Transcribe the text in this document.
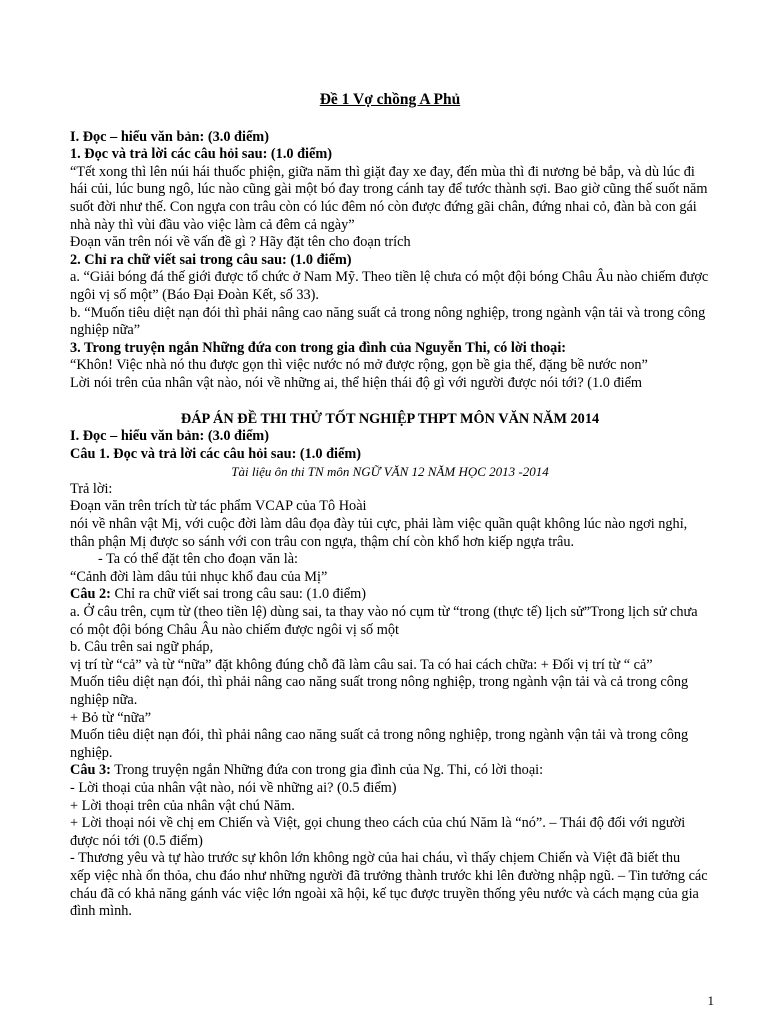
Đề 1 Vợ chồng A Phủ

I. Đọc – hiểu văn bản: (3.0 điểm)

1. Đọc và trả lời các câu hỏi sau: (1.0 điểm)

“Tết xong thì lên núi hái thuốc phiện, giữa năm thì giặt đay xe đay, đến mùa thì đi nương bẻ bắp, và dù lúc đi hái củi, lúc bung ngô, lúc nào cũng gài một bó đay trong cánh tay để tước thành sợi. Bao giờ cũng thế suốt năm suốt đời như thế. Con ngựa con trâu còn có lúc đêm nó còn được đứng gãi chân, đứng nhai cỏ, đàn bà con gái nhà này thì vùi đầu vào việc làm cả đêm cả ngày”

Đoạn văn trên nói về vấn đề gì ? Hãy đặt tên cho đoạn trích

2. Chỉ ra chữ viết sai trong câu sau: (1.0 điểm)

a. “Giải bóng đá thế giới được tổ chức ở Nam Mỹ. Theo tiền lệ chưa có một đội bóng Châu Âu nào chiếm được ngôi vị số một” (Báo Đại Đoàn Kết, số 33).

b. “Muốn tiêu diệt nạn đói thì phải nâng cao năng suất cả trong nông nghiệp, trong ngành vận tải và trong công nghiệp nữa”

3. Trong truyện ngắn Những đứa con trong gia đình của Nguyễn Thi, có lời thoại:

“Khôn! Việc nhà nó thu được gọn thì việc nước nó mở được rộng, gọn bề gia thế, đặng bề nước non”

Lời nói trên của nhân vật nào, nói về những ai, thể hiện thái độ gì với người được nói tới? (1.0 điểm

ĐÁP ÁN ĐỀ THI THỬ TỐT NGHIỆP THPT MÔN VĂN NĂM 2014

I. Đọc – hiểu văn bản: (3.0 điểm)

Câu 1. Đọc và trả lời các câu hỏi sau: (1.0 điểm)

Tài liệu ôn thi TN môn NGỮ VĂN 12 NĂM HỌC 2013 -2014

Trả lời:

Đoạn văn trên trích từ tác phẩm VCAP của Tô Hoài

nói về nhân vật Mị, với cuộc đời làm dâu đọa đày tủi cực, phải làm việc quần quật không lúc nào ngơi nghỉ, thân phận Mị được so sánh với con trâu con ngựa, thậm chí còn khổ hơn kiếp ngựa trâu.

- Ta có thể đặt tên cho đoạn văn là:

“Cảnh đời làm dâu tủi nhục khổ đau của Mị”

Câu 2: Chỉ ra chữ viết sai trong câu sau: (1.0 điểm)

a. Ở câu trên, cụm từ (theo tiền lệ) dùng sai, ta thay vào nó cụm từ “trong (thực tế) lịch sử”Trong lịch sử chưa có một đội bóng Châu Âu nào chiếm được ngôi vị số một

b. Câu trên sai ngữ pháp,

vị trí từ “cả” và từ “nữa” đặt không đúng chỗ đã làm câu sai. Ta có hai cách chữa: + Đối vị trí từ “ cả”

Muốn tiêu diệt nạn đói, thì phải nâng cao năng suất trong nông nghiệp, trong ngành vận tải và cả trong công nghiệp nữa.

+ Bỏ từ “nữa”

Muốn tiêu diệt nạn đói, thì phải nâng cao năng suất cả trong nông nghiệp, trong ngành vận tải và trong công nghiệp.

Câu 3: Trong truyện ngắn Những đứa con trong gia đình của Ng. Thi, có lời thoại:

- Lời thoại của nhân vật nào, nói về những ai? (0.5 điểm)

+ Lời thoại trên của nhân vật chú Năm.

+ Lời thoại nói về chị em Chiến và Việt, gọi chung theo cách của chú Năm là “nó”. – Thái độ đối với người được nói tới (0.5 điểm)

- Thương yêu và tự hào trước sự khôn lớn không ngờ của hai cháu, vì thấy chịem Chiến và Việt đã biết thu

xếp việc nhà ổn thỏa, chu đáo như những người đã trưởng thành trước khi lên đường nhập ngũ. – Tin tưởng các

cháu đã có khả năng gánh vác việc lớn ngoài xã hội, kế tục được truyền thống yêu nước và cách mạng của gia

đình mình.

1
